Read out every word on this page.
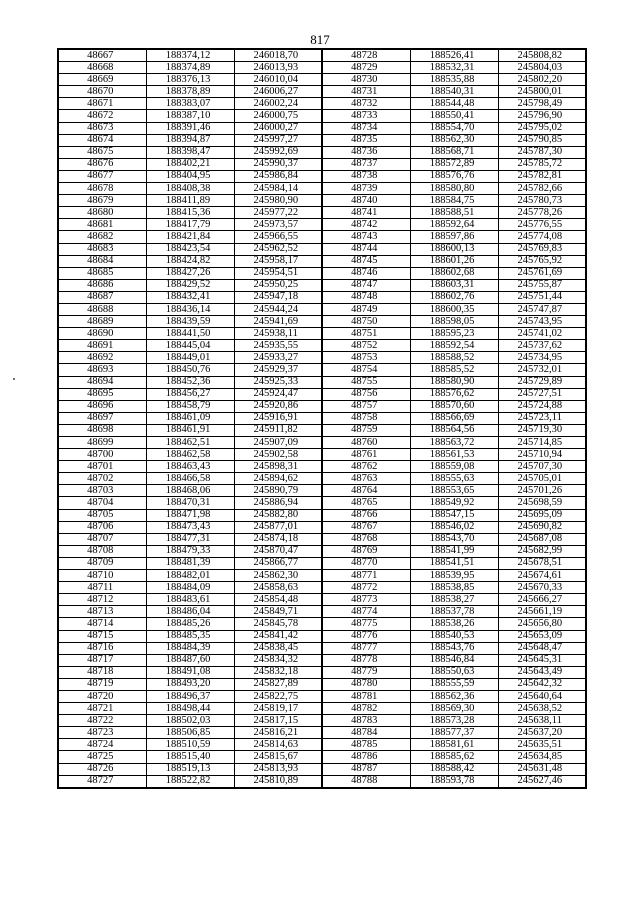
817
48667	188374,12	246018,70	48728	188526,41	245808,82
48668	188374,89	246013,93	48729	188532,31	245804,03
48669	188376,13	246010,04	48730	188535,88	245802,20
48670	188378,89	246006,27	48731	188540,31	245800,01
48671	188383,07	246002,24	48732	188544,48	245798,49
48672	188387,10	246000,75	48733	188550,41	245796,90
48673	188391,46	246000,27	48734	188554,70	245795,02
48674	188394,87	245997,27	48735	188562,30	245790,85
48675	188398,47	245992,69	48736	188568,71	245787,30
48676	188402,21	245990,37	48737	188572,89	245785,72
48677	188404,95	245986,84	48738	188576,76	245782,81
48678	188408,38	245984,14	48739	188580,80	245782,66
48679	188411,89	245980,90	48740	188584,75	245780,73
48680	188415,36	245977,22	48741	188588,51	245778,26
48681	188417,79	245973,57	48742	188592,64	245776,55
48682	188421,84	245966,55	48743	188597,86	245774,08
48683	188423,54	245962,52	48744	188600,13	245769,83
48684	188424,82	245958,17	48745	188601,26	245765,92
48685	188427,26	245954,51	48746	188602,68	245761,69
48686	188429,52	245950,25	48747	188603,31	245755,87
48687	188432,41	245947,18	48748	188602,76	245751,44
48688	188436,14	245944,24	48749	188600,35	245747,87
48689	188439,59	245941,69	48750	188598,05	245743,95
48690	188441,50	245938,11	48751	188595,23	245741,02
48691	188445,04	245935,55	48752	188592,54	245737,62
48692	188449,01	245933,27	48753	188588,52	245734,95
48693	188450,76	245929,37	48754	188585,52	245732,01
48694	188452,36	245925,33	48755	188580,90	245729,89
48695	188456,27	245924,47	48756	188576,62	245727,51
48696	188458,79	245920,86	48757	188570,60	245724,88
48697	188461,09	245916,91	48758	188566,69	245723,11
48698	188461,91	245911,82	48759	188564,56	245719,30
48699	188462,51	245907,09	48760	188563,72	245714,85
48700	188462,58	245902,58	48761	188561,53	245710,94
48701	188463,43	245898,31	48762	188559,08	245707,30
48702	188466,58	245894,62	48763	188555,63	245705,01
48703	188468,06	245890,79	48764	188553,65	245701,26
48704	188470,31	245886,94	48765	188549,92	245698,59
48705	188471,98	245882,80	48766	188547,15	245695,09
48706	188473,43	245877,01	48767	188546,02	245690,82
48707	188477,31	245874,18	48768	188543,70	245687,08
48708	188479,33	245870,47	48769	188541,99	245682,99
48709	188481,39	245866,77	48770	188541,51	245678,51
48710	188482,01	245862,30	48771	188539,95	245674,61
48711	188484,09	245858,63	48772	188538,85	245670,33
48712	188483,61	245854,48	48773	188538,27	245666,27
48713	188486,04	245849,71	48774	188537,78	245661,19
48714	188485,26	245845,78	48775	188538,26	245656,80
48715	188485,35	245841,42	48776	188540,53	245653,09
48716	188484,39	245838,45	48777	188543,76	245648,47
48717	188487,60	245834,32	48778	188546,84	245645,31
48718	188491,08	245832,18	48779	188550,63	245643,49
48719	188493,20	245827,89	48780	188555,59	245642,32
48720	188496,37	245822,75	48781	188562,36	245640,64
48721	188498,44	245819,17	48782	188569,30	245638,52
48722	188502,03	245817,15	48783	188573,28	245638,11
48723	188506,85	245816,21	48784	188577,37	245637,20
48724	188510,59	245814,63	48785	188581,61	245635,51
48725	188515,40	245815,67	48786	188585,62	245634,85
48726	188519,13	245813,93	48787	188588,42	245631,48
48727	188522,82	245810,89	48788	188593,78	245627,46
